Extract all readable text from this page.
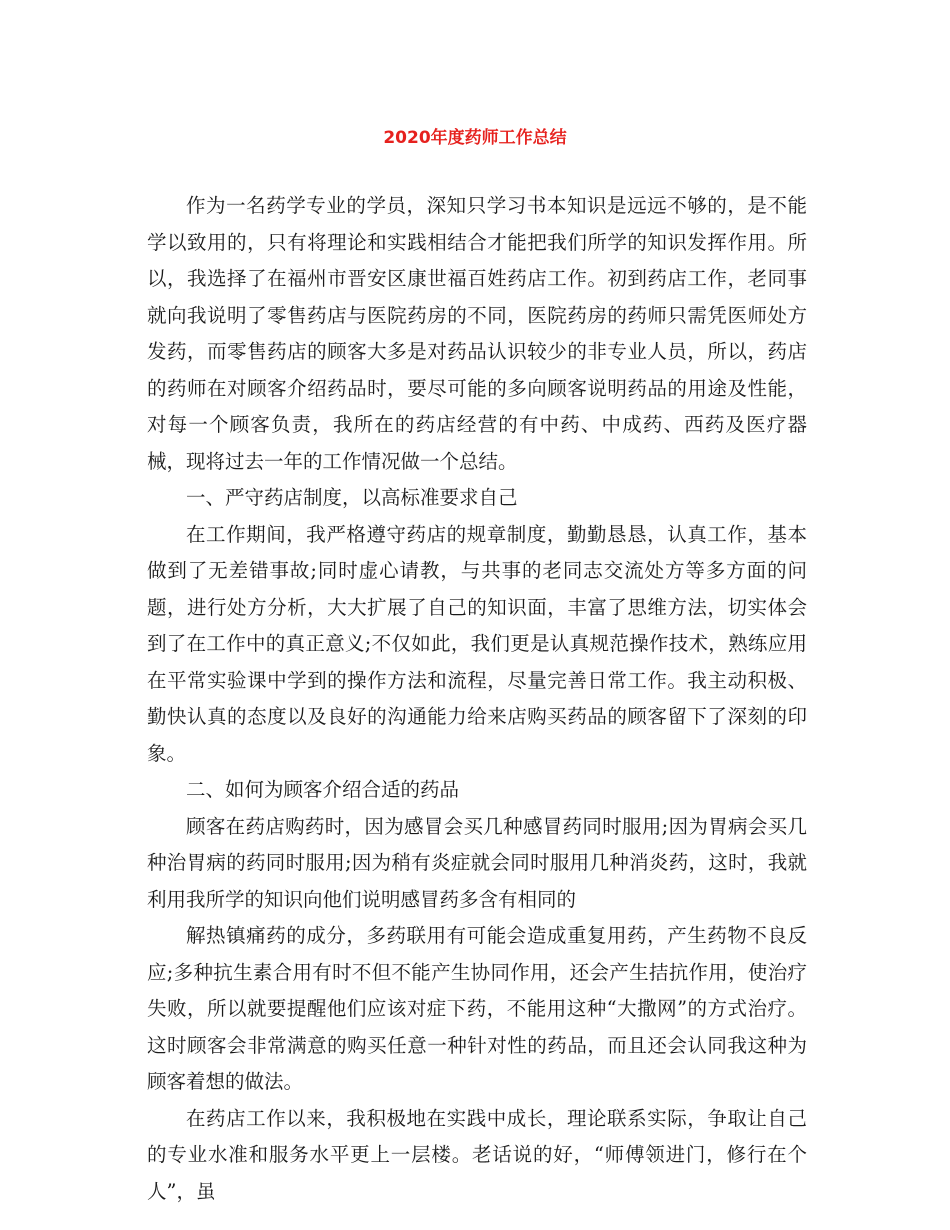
2020年度药师工作总结

作为一名药学专业的学员，深知只学习书本知识是远远不够的，是不能学以致用的，只有将理论和实践相结合才能把我们所学的知识发挥作用。所以，我选择了在福州市晋安区康世福百姓药店工作。初到药店工作，老同事就向我说明了零售药店与医院药房的不同，医院药房的药师只需凭医师处方发药，而零售药店的顾客大多是对药品认识较少的非专业人员，所以，药店的药师在对顾客介绍药品时，要尽可能的多向顾客说明药品的用途及性能，对每一个顾客负责，我所在的药店经营的有中药、中成药、西药及医疗器械，现将过去一年的工作情况做一个总结。

一、严守药店制度，以高标准要求自己

在工作期间，我严格遵守药店的规章制度，勤勤恳恳，认真工作，基本做到了无差错事故;同时虚心请教，与共事的老同志交流处方等多方面的问题，进行处方分析，大大扩展了自己的知识面，丰富了思维方法，切实体会到了在工作中的真正意义;不仅如此，我们更是认真规范操作技术，熟练应用在平常实验课中学到的操作方法和流程，尽量完善日常工作。我主动积极、勤快认真的态度以及良好的沟通能力给来店购买药品的顾客留下了深刻的印象。

二、如何为顾客介绍合适的药品

顾客在药店购药时，因为感冒会买几种感冒药同时服用;因为胃病会买几种治胃病的药同时服用;因为稍有炎症就会同时服用几种消炎药，这时，我就利用我所学的知识向他们说明感冒药多含有相同的

解热镇痛药的成分，多药联用有可能会造成重复用药，产生药物不良反应;多种抗生素合用有时不但不能产生协同作用，还会产生拮抗作用，使治疗失败，所以就要提醒他们应该对症下药，不能用这种“大撒网”的方式治疗。这时顾客会非常满意的购买任意一种针对性的药品，而且还会认同我这种为顾客着想的做法。

在药店工作以来，我积极地在实践中成长，理论联系实际，争取让自己的专业水准和服务水平更上一层楼。老话说的好，“师傅领进门，修行在个人”，虽
